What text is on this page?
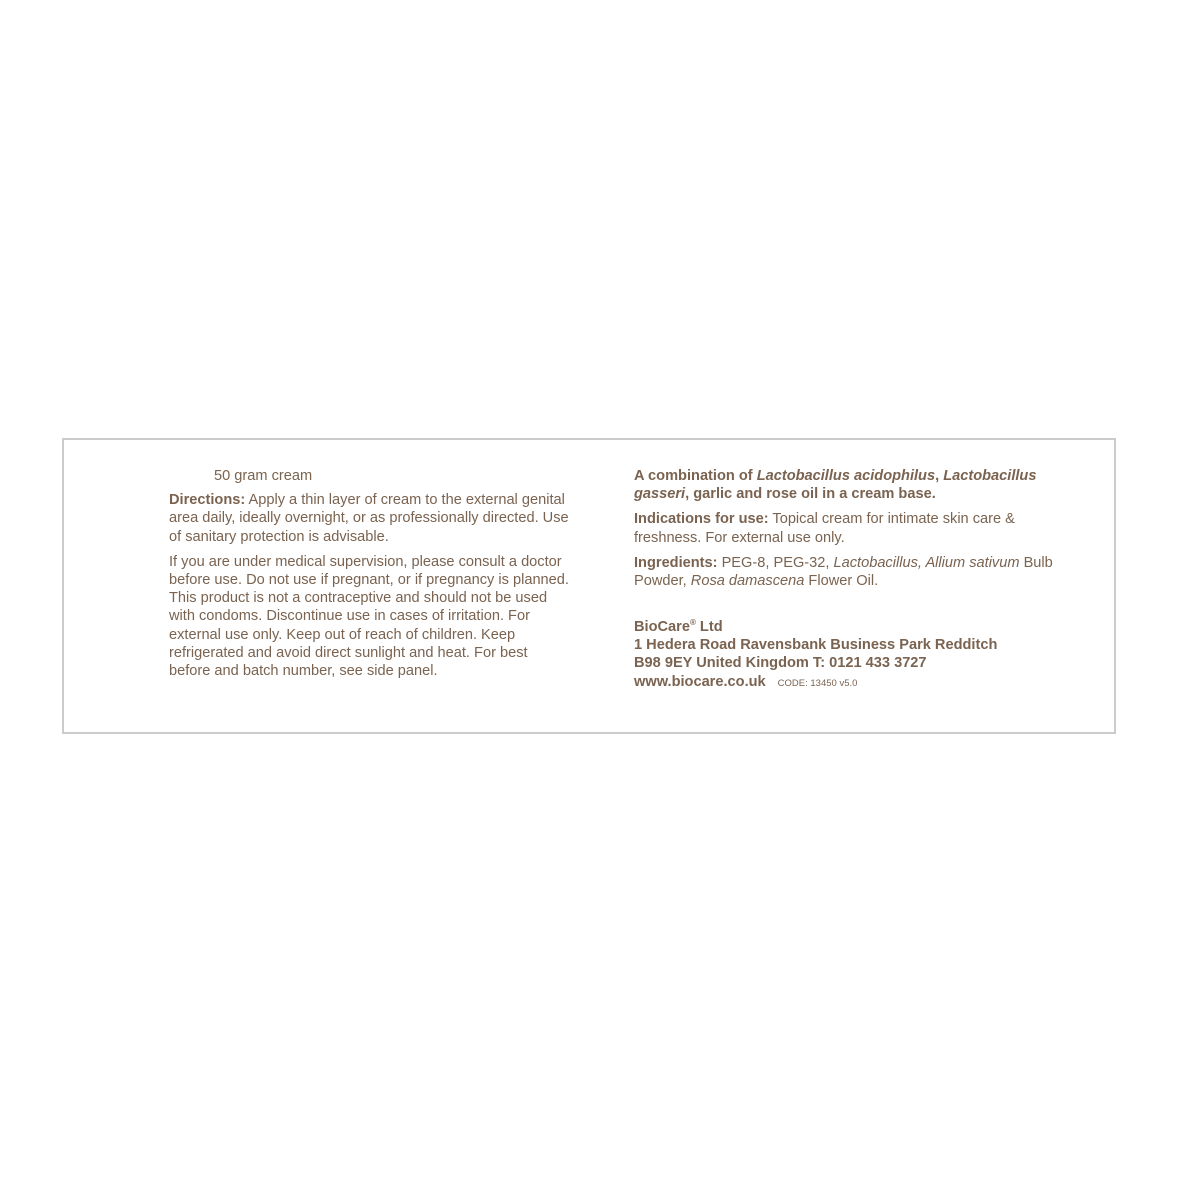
50 gram cream

Directions: Apply a thin layer of cream to the external genital area daily, ideally overnight, or as professionally directed. Use of sanitary protection is advisable.

If you are under medical supervision, please consult a doctor before use. Do not use if pregnant, or if pregnancy is planned. This product is not a contraceptive and should not be used with condoms. Discontinue use in cases of irritation. For external use only. Keep out of reach of children. Keep refrigerated and avoid direct sunlight and heat. For best before and batch number, see side panel.

A combination of Lactobacillus acidophilus, Lactobacillus gasseri, garlic and rose oil in a cream base.

Indications for use: Topical cream for intimate skin care & freshness. For external use only.

Ingredients: PEG-8, PEG-32, Lactobacillus, Allium sativum Bulb Powder, Rosa damascena Flower Oil.

BioCare® Ltd
1 Hedera Road Ravensbank Business Park Redditch
B98 9EY United Kingdom T: 0121 433 3727
www.biocare.co.uk CODE: 13450 v5.0
